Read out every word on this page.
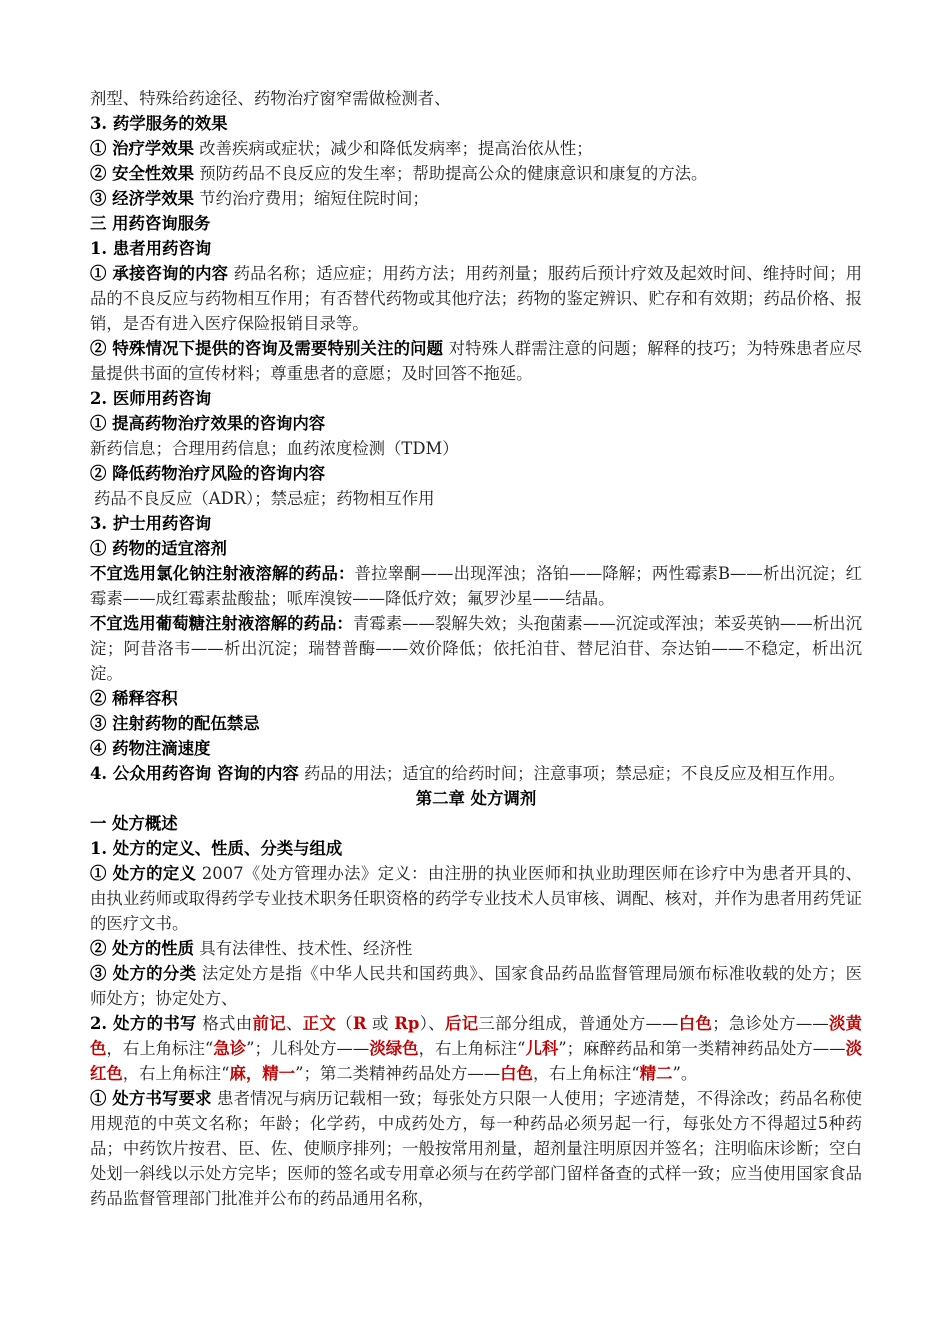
剂型、特殊给药途径、药物治疗窗窄需做检测者、

3. 药学服务的效果

① 治疗学效果 改善疾病或症状；减少和降低发病率；提高治依从性；

② 安全性效果 预防药品不良反应的发生率；帮助提高公众的健康意识和康复的方法。

③ 经济学效果 节约治疗费用；缩短住院时间；

三 用药咨询服务

1. 患者用药咨询

① 承接咨询的内容 药品名称；适应症；用药方法；用药剂量；服药后预计疗效及起效时间、维持时间；用品的不良反应与药物相互作用；有否替代药物或其他疗法；药物的鉴定辨识、贮存和有效期；药品价格、报销，是否有进入医疗保险报销目录等。

② 特殊情况下提供的咨询及需要特别关注的问题 对特殊人群需注意的问题；解释的技巧；为特殊患者应尽量提供书面的宣传材料；尊重患者的意愿；及时回答不拖延。

2. 医师用药咨询

① 提高药物治疗效果的咨询内容

新药信息；合理用药信息；血药浓度检测（TDM）

② 降低药物治疗风险的咨询内容

药品不良反应（ADR）；禁忌症；药物相互作用

3. 护士用药咨询

① 药物的适宜溶剂

不宜选用氯化钠注射液溶解的药品：普拉睾酮——出现浑浊；洛铂——降解；两性霉素B——析出沉淀；红霉素——成红霉素盐酸盐；哌库溴铵——降低疗效；氟罗沙星——结晶。

不宜选用葡萄糖注射液溶解的药品：青霉素——裂解失效；头孢菌素——沉淀或浑浊；苯妥英钠——析出沉淀；阿昔洛韦——析出沉淀；瑞替普酶——效价降低；依托泊苷、替尼泊苷、奈达铂——不稳定，析出沉淀。

② 稀释容积

③ 注射药物的配伍禁忌

④ 药物注滴速度

4. 公众用药咨询 咨询的内容 药品的用法；适宜的给药时间；注意事项；禁忌症；不良反应及相互作用。

第二章 处方调剂

一 处方概述

1. 处方的定义、性质、分类与组成

① 处方的定义 2007《处方管理办法》定义：由注册的执业医师和执业助理医师在诊疗中为患者开具的、由执业药师或取得药学专业技术职务任职资格的药学专业技术人员审核、调配、核对，并作为患者用药凭证的医疗文书。

② 处方的性质 具有法律性、技术性、经济性

③ 处方的分类 法定处方是指《中华人民共和国药典》、国家食品药品监督管理局颁布标准收载的处方；医师处方；协定处方、

2. 处方的书写 格式由前记、正文（R 或 Rp）、后记三部分组成，普通处方——白色；急诊处方——淡黄色，右上角标注“急诊”；儿科处方——淡绿色，右上角标注“儿科”；麻醉药品和第一类精神药品处方——淡红色，右上角标注“麻，精一”；第二类精神药品处方——白色，右上角标注“精二”。

① 处方书写要求 患者情况与病历记载相一致；每张处方只限一人使用；字迹清楚，不得涂改；药品名称使用规范的中英文名称；年龄；化学药，中成药处方，每一种药品必须另起一行，每张处方不得超过5种药品；中药饮片按君、臣、佐、使顺序排列；一般按常用剂量，超剂量注明原因并签名；注明临床诊断；空白处划一斜线以示处方完毕；医师的签名或专用章必须与在药学部门留样备查的式样一致；应当使用国家食品药品监督管理部门批准并公布的药品通用名称，
